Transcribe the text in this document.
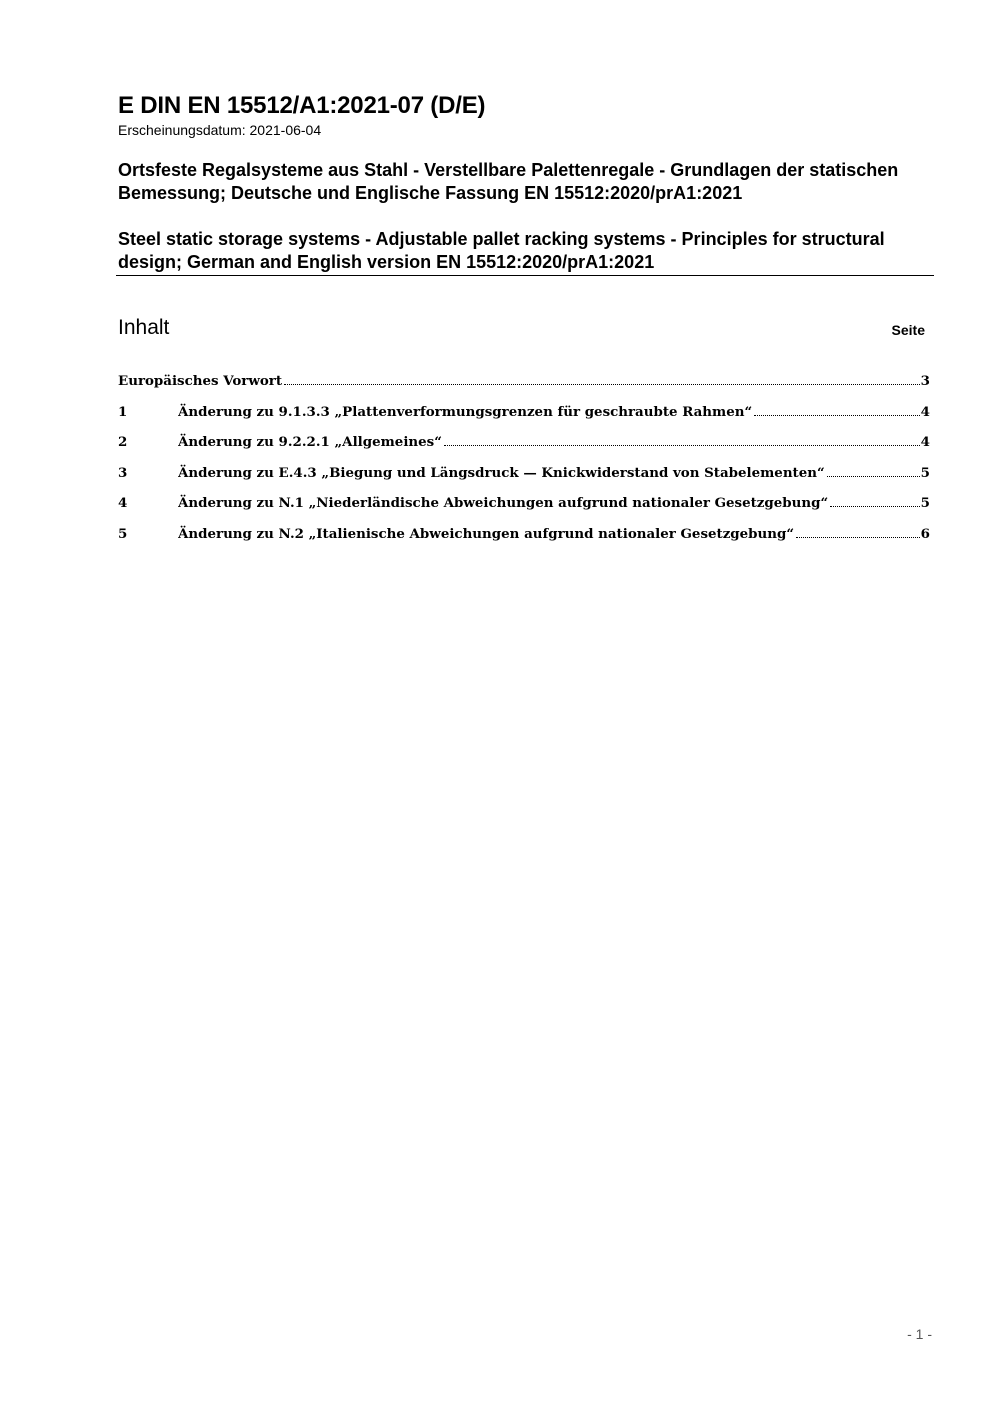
E DIN EN 15512/A1:2021-07 (D/E)
Erscheinungsdatum: 2021-06-04
Ortsfeste Regalsysteme aus Stahl - Verstellbare Palettenregale - Grundlagen der statischen Bemessung; Deutsche und Englische Fassung EN 15512:2020/prA1:2021
Steel static storage systems - Adjustable pallet racking systems - Principles for structural design; German and English version EN 15512:2020/prA1:2021
Inhalt	Seite
Europäisches Vorwort	3
1	Änderung zu 9.1.3.3 „Plattenverformungsgrenzen für geschraubte Rahmen“	4
2	Änderung zu 9.2.2.1 „Allgemeines“	4
3	Änderung zu E.4.3 „Biegung und Längsdruck — Knickwiderstand von Stabelementen“	5
4	Änderung zu N.1 „Niederländische Abweichungen aufgrund nationaler Gesetzgebung“	5
5	Änderung zu N.2 „Italienische Abweichungen aufgrund nationaler Gesetzgebung“	6
- 1 -
